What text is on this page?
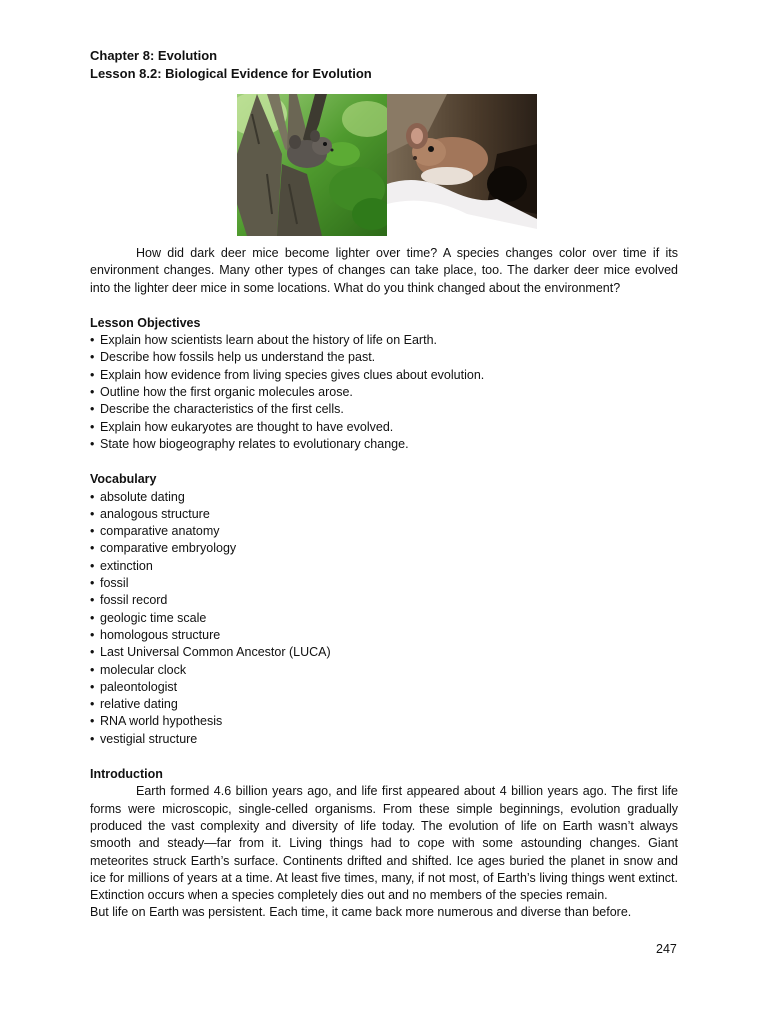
Chapter 8: Evolution

Lesson 8.2: Biological Evidence for Evolution

How did dark deer mice become lighter over time? A species changes color over time if its environment changes. Many other types of changes can take place, too. The darker deer mice evolved into the lighter deer mice in some locations. What do you think changed about the environment?

Lesson Objectives

• Explain how scientists learn about the history of life on Earth.
• Describe how fossils help us understand the past.
• Explain how evidence from living species gives clues about evolution.
• Outline how the first organic molecules arose.
• Describe the characteristics of the first cells.
• Explain how eukaryotes are thought to have evolved.
• State how biogeography relates to evolutionary change.

Vocabulary

• absolute dating
• analogous structure
• comparative anatomy
• comparative embryology
• extinction
• fossil
• fossil record
• geologic time scale
• homologous structure
• Last Universal Common Ancestor (LUCA)
• molecular clock
• paleontologist
• relative dating
• RNA world hypothesis
• vestigial structure

Introduction

Earth formed 4.6 billion years ago, and life first appeared about 4 billion years ago. The first life forms were microscopic, single-celled organisms. From these simple beginnings, evolution gradually produced the vast complexity and diversity of life today. The evolution of life on Earth wasn’t always smooth and steady—far from it. Living things had to cope with some astounding changes. Giant meteorites struck Earth’s surface. Continents drifted and shifted. Ice ages buried the planet in snow and ice for millions of years at a time. At least five times, many, if not most, of Earth’s living things went extinct. Extinction occurs when a species completely dies out and no members of the species remain.

But life on Earth was persistent. Each time, it came back more numerous and diverse than before.

247
